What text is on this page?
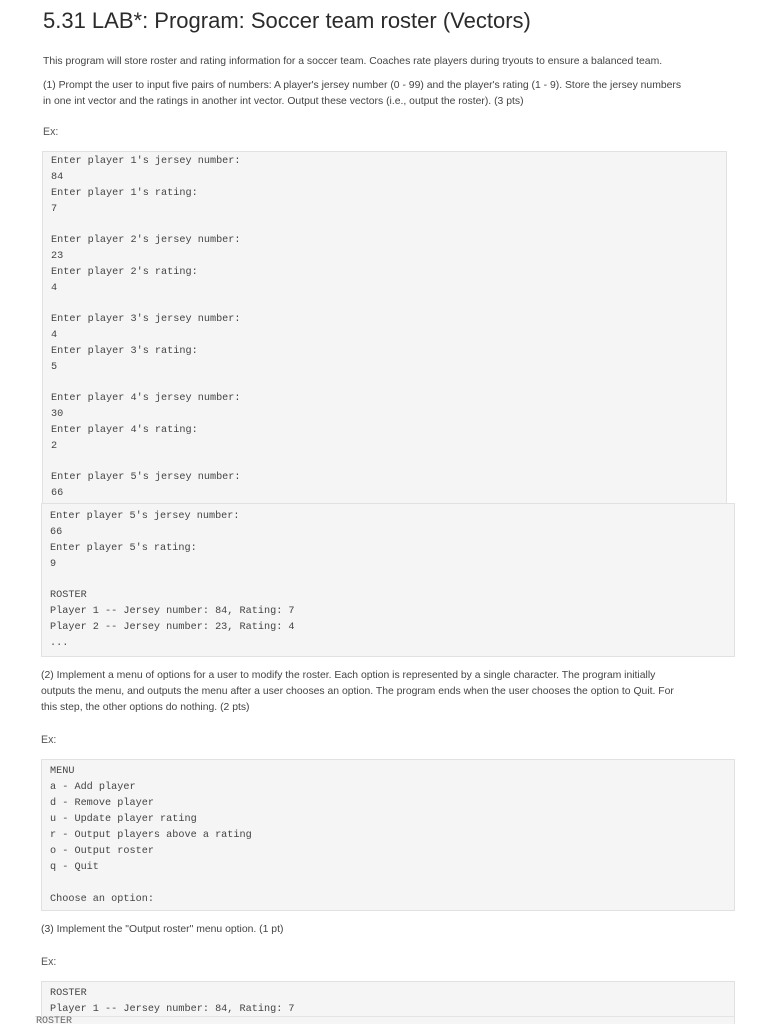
5.31 LAB*: Program: Soccer team roster (Vectors)
This program will store roster and rating information for a soccer team. Coaches rate players during tryouts to ensure a balanced team.
(1) Prompt the user to input five pairs of numbers: A player's jersey number (0 - 99) and the player's rating (1 - 9). Store the jersey numbers
in one int vector and the ratings in another int vector. Output these vectors (i.e., output the roster). (3 pts)
Ex:
Enter player 1's jersey number:
84
Enter player 1's rating:
7
Enter player 2's jersey number:
23
Enter player 2's rating:
4
Enter player 3's jersey number:
4
Enter player 3's rating:
5
Enter player 4's jersey number:
30
Enter player 4's rating:
2
Enter player 5's jersey number:
66
Enter player 5's jersey number:
66
Enter player 5's rating:
9
ROSTER
Player 1 -- Jersey number: 84, Rating: 7
Player 2 -- Jersey number: 23, Rating: 4
...
(2) Implement a menu of options for a user to modify the roster. Each option is represented by a single character. The program initially
outputs the menu, and outputs the menu after a user chooses an option. The program ends when the user chooses the option to Quit. For
this step, the other options do nothing. (2 pts)
Ex:
MENU
a - Add player
d - Remove player
u - Update player rating
r - Output players above a rating
o - Output roster
q - Quit
Choose an option:
(3) Implement the "Output roster" menu option. (1 pt)
Ex:
ROSTER
Player 1 -- Jersey number: 84, Rating: 7
ROSTER
